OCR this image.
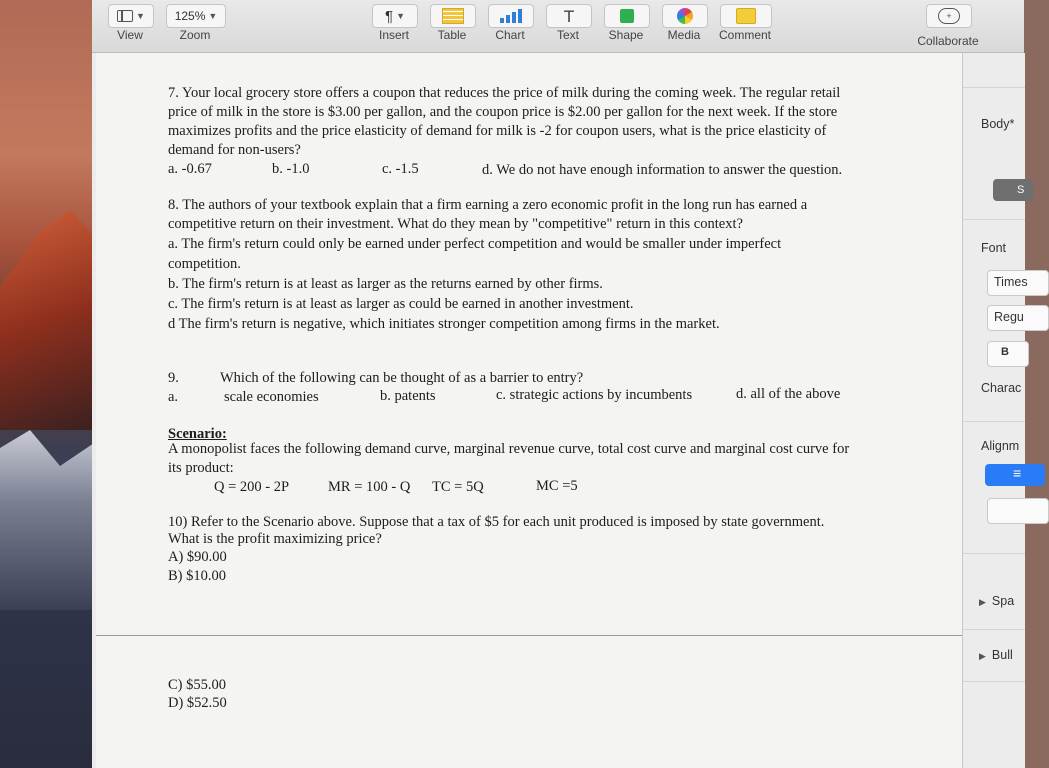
▼
View
125% ▼
Zoom
¶ ▼
Insert	Table	Chart
T
Text	Shape	Media	Comment
+
Collaborate
7. Your local grocery store offers a coupon that reduces the price of milk during the coming week. The regular retail
price of milk in the store is $3.00 per gallon, and the coupon price is $2.00 per gallon for the next week. If the store
maximizes profits and the price elasticity of demand for milk is -2 for coupon users, what is the price elasticity of
demand for non-users?
a. -0.67	b. -1.0	c. -1.5	d. We do not have enough information to answer the question.
8. The authors of your textbook explain that a firm earning a zero economic profit in the long run has earned a
competitive return on their investment. What do they mean by "competitive" return in this context?
a. The firm's return could only be earned under perfect competition and would be smaller under imperfect
competition.
b. The firm's return is at least as larger as the returns earned by other firms.
c. The firm's return is at least as larger as could be earned in another investment.
d The firm's return is negative, which initiates stronger competition among firms in the market.
9.	Which of the following can be thought of as a barrier to entry?
a.	scale economies	b. patents	c. strategic actions by incumbents	d. all of the above
Scenario:
A monopolist faces the following demand curve, marginal revenue curve, total cost curve and marginal cost curve for
its product:
Q = 200 - 2P	MR = 100 - Q TC = 5Q	MC =5
10) Refer to the Scenario above. Suppose that a tax of $5 for each unit produced is imposed by state government.
What is the profit maximizing price?
A) $90.00
B) $10.00
C) $55.00
D) $52.50
Body*
S
Font
Times
Regu
B
Charac
Alignm
≡
▶ Spa
▶ Bull
